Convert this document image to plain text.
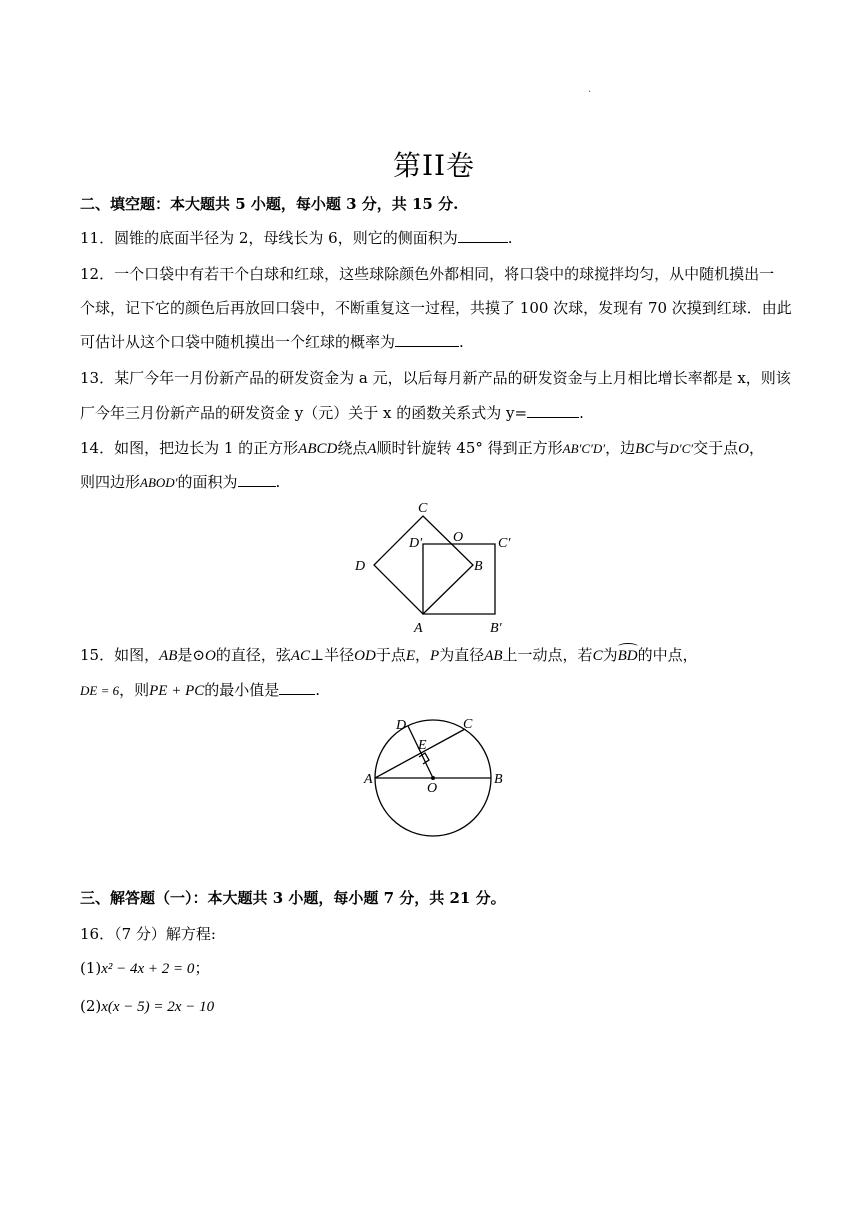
.
第II卷
二、填空题：本大题共 5 小题，每小题 3 分，共 15 分.
11．圆锥的底面半径为 2，母线长为 6，则它的侧面积为	.
12．一个口袋中有若干个白球和红球，这些球除颜色外都相同，将口袋中的球搅拌均匀，从中随机摸出一
个球，记下它的颜色后再放回口袋中，不断重复这一过程，共摸了 100 次球，发现有 70 次摸到红球．由此
可估计从这个口袋中随机摸出一个红球的概率为	.
13．某厂今年一月份新产品的研发资金为 a 元，以后每月新产品的研发资金与上月相比增长率都是 x，则该
厂今年三月份新产品的研发资金 y（元）关于 x 的函数关系式为 y=	.
14．如图，把边长为 1 的正方形ABCD绕点A顺时针旋转 45° 得到正方形AB′C′D′，边BC与D′C′交于点O，
则四边形ABOD′的面积为	.
C
O
D′	C′
D	B
A	B′
15．如图，AB是⊙O的直径，弦AC⊥半径OD于点E，P为直径AB上一动点，若C为BD的中点，
DE = 6，则PE + PC的最小值是 .
D	C
E
A
O
B
三、解答题（一）：本大题共 3 小题，每小题 7 分，共 21 分。
16．（7 分）解方程:
(1)x² − 4x + 2 = 0；
(2)x(x − 5) = 2x − 10
